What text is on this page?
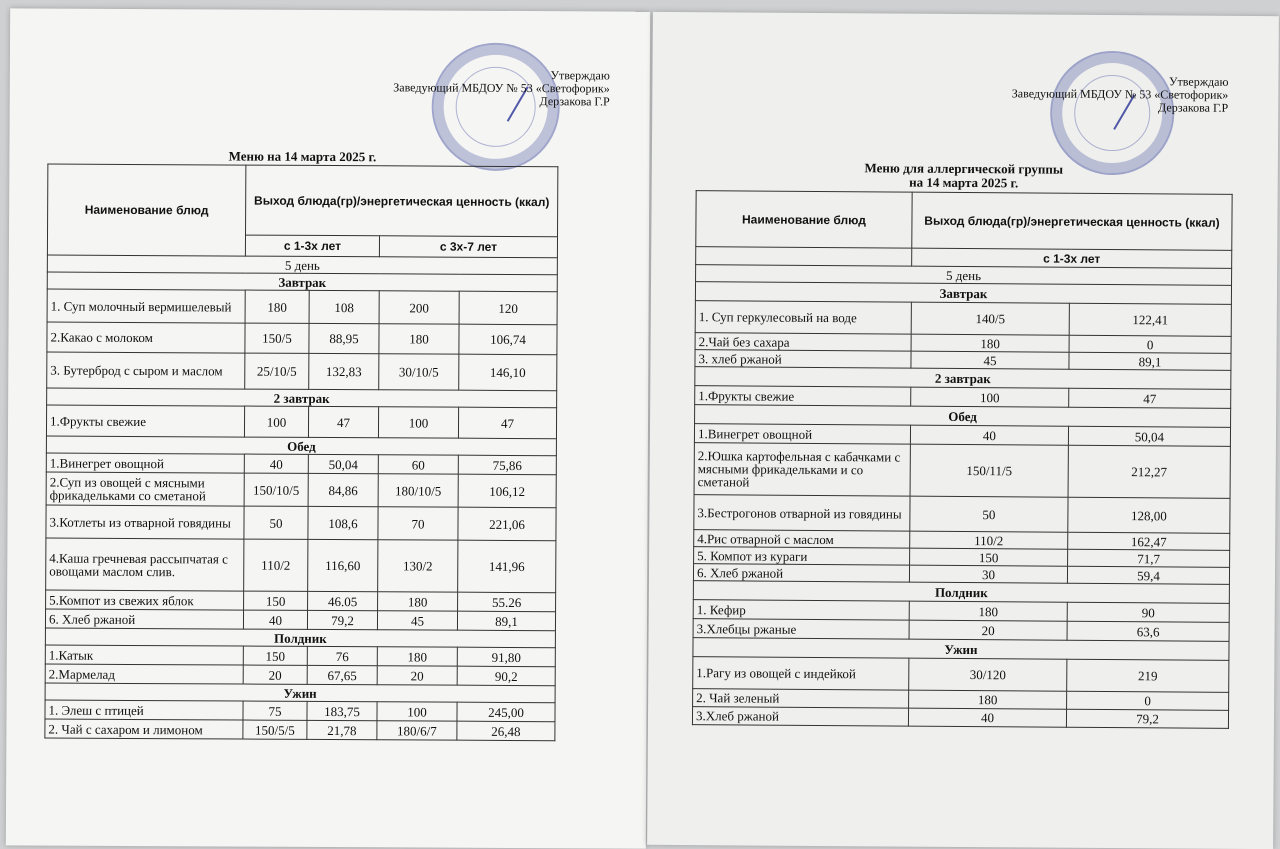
Утверждаю
Заведующий МБДОУ № 53 «Светофорик»
Дерзакова Г.Р
Меню на 14 марта 2025 г.
Наименование блюд	Выход блюда(гр)/энергетическая ценность (ккал)			
	с 1-3х лет		с 3х-7 лет	
5 день				
Завтрак				
1. Суп молочный вермишелевый	180	108	200	120
2.Какао с молоком	150/5	88,95	180	106,74
3. Бутерброд с сыром и маслом	25/10/5	132,83	30/10/5	146,10
2 завтрак				
1.Фрукты свежие	100	47	100	47
Обед				
1.Винегрет овощной	40	50,04	60	75,86
2.Суп из овощей с мясными фрикадельками со сметаной	150/10/5	84,86	180/10/5	106,12
3.Котлеты из отварной говядины	50	108,6	70	221,06
4.Каша гречневая рассыпчатая с овощами маслом слив.	110/2	116,60	130/2	141,96
5.Компот из свежих яблок	150	46.05	180	55.26
6. Хлеб ржаной	40	79,2	45	89,1
Полдник				
1.Катык	150	76	180	91,80
2.Мармелад	20	67,65	20	90,2
Ужин				
1. Элеш с птицей	75	183,75	100	245,00
2. Чай с сахаром и лимоном	150/5/5	21,78	180/6/7	26,48
Утверждаю
Заведующий МБДОУ № 53 «Светофорик»
Дерзакова Г.Р
Меню для аллергической группы
на 14 марта 2025 г.
Наименование блюд	Выход блюда(гр)/энергетическая ценность (ккал)	
	с 1-3х лет	
5 день		
Завтрак		
1. Суп геркулесовый на воде	140/5	122,41
2.Чай без сахара	180	0
3. хлеб ржаной	45	89,1
2 завтрак		
1.Фрукты свежие	100	47
Обед		
1.Винегрет овощной	40	50,04
2.Юшка картофельная с кабачками с мясными фрикадельками и со сметаной	150/11/5	212,27
3.Бестрогонов отварной из говядины	50	128,00
4.Рис отварной с маслом	110/2	162,47
5. Компот из кураги	150	71,7
6. Хлеб ржаной	30	59,4
Полдник		
1. Кефир	180	90
3.Хлебцы ржаные	20	63,6
Ужин		
1.Рагу из овощей с индейкой	30/120	219
2. Чай зеленый	180	0
3.Хлеб ржаной	40	79,2
